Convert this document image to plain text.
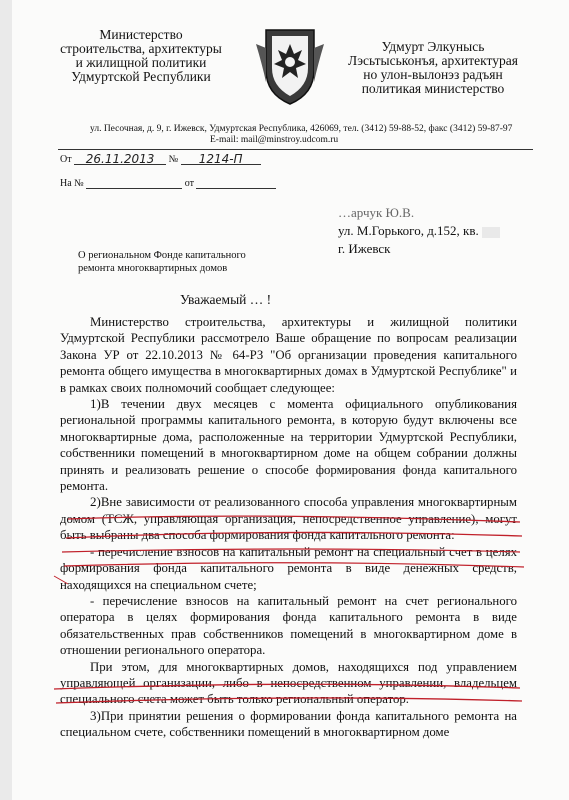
Министерство
строительства, архитектуры
и жилищной политики
Удмуртской Республики
Удмурт Элкунысь
Лэсьтыськонъя, архитектурая
но улон-вылонэз радъян
политикая министерство
ул. Песочная, д. 9, г. Ижевск, Удмуртская Республика, 426069, тел. (3412) 59-88-52, факс (3412) 59-87-97
E-mail: mail@minstroy.udcom.ru
От 26.11.2013 № 1214-П
На №	от
…арчук Ю.В.
ул. М.Горького, д.152, кв.
г. Ижевск
О региональном Фонде капитального ремонта многоквартирных домов
Уважаемый … !

Министерство строительства, архитектуры и жилищной политики Удмуртской Республики рассмотрело Ваше обращение по вопросам реализации Закона УР от 22.10.2013 № 64-РЗ "Об организации проведения капитального ремонта общего имущества в многоквартирных домах в Удмуртской Республике" и в рамках своих полномочий сообщает следующее:

1)В течении двух месяцев с момента официального опубликования региональной программы капитального ремонта, в которую будут включены все многоквартирные дома, расположенные на территории Удмуртской Республики, собственники помещений в многоквартирном доме на общем собрании должны принять и реализовать решение о способе формирования фонда капитального ремонта.

2)Вне зависимости от реализованного способа управления многоквартирным домом (ТСЖ, управляющая организация, непосредственное управление), могут быть выбраны два способа формирования фонда капитального ремонта:

- перечисление взносов на капитальный ремонт на специальный счет в целях формирования фонда капитального ремонта в виде денежных средств, находящихся на специальном счете;

- перечисление взносов на капитальный ремонт на счет регионального оператора в целях формирования фонда капитального ремонта в виде обязательственных прав собственников помещений в многоквартирном доме в отношении регионального оператора.

При этом, для многоквартирных домов, находящихся под управлением управляющей организации, либо в непосредственном управлении, владельцем специального счета может быть только региональный оператор.

3)При принятии решения о формировании фонда капитального ремонта на специальном счете, собственники помещений в многоквартирном доме
